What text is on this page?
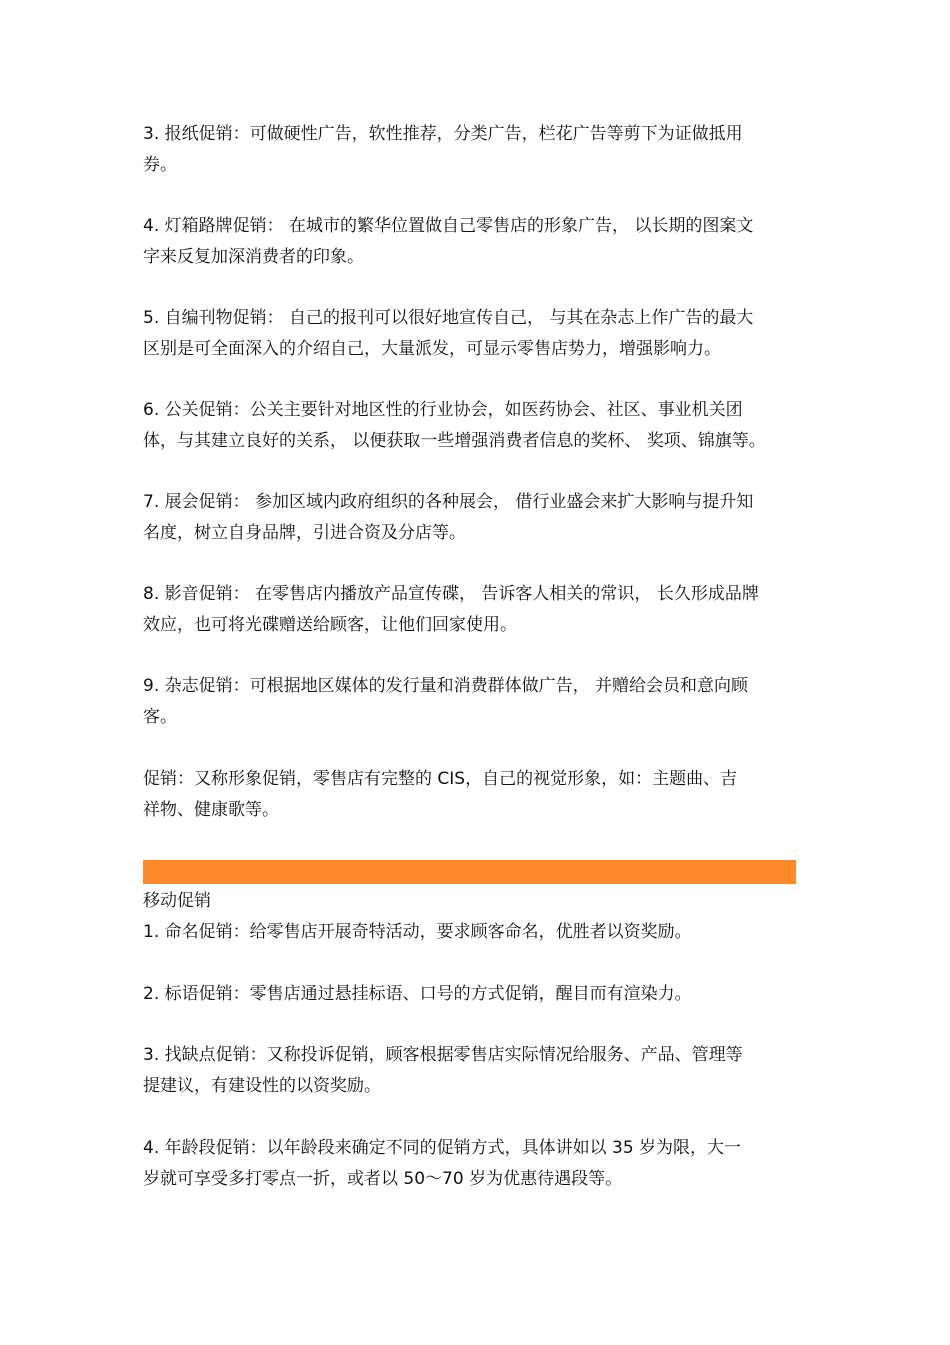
3. 报纸促销：可做硬性广告，软性推荐，分类广告，栏花广告等剪下为证做抵用
券。

4. 灯箱路牌促销： 在城市的繁华位置做自己零售店的形象广告， 以长期的图案文
字来反复加深消费者的印象。

5. 自编刊物促销： 自己的报刊可以很好地宣传自己， 与其在杂志上作广告的最大
区别是可全面深入的介绍自己，大量派发，可显示零售店势力，增强影响力。

6. 公关促销：公关主要针对地区性的行业协会，如医药协会、社区、事业机关团
体，与其建立良好的关系， 以便获取一些增强消费者信息的奖杯、 奖项、锦旗等。

7. 展会促销： 参加区域内政府组织的各种展会， 借行业盛会来扩大影响与提升知
名度，树立自身品牌，引进合资及分店等。

8. 影音促销： 在零售店内播放产品宣传碟， 告诉客人相关的常识， 长久形成品牌
效应，也可将光碟赠送给顾客，让他们回家使用。

9. 杂志促销：可根据地区媒体的发行量和消费群体做广告， 并赠给会员和意向顾
客。

促销：又称形象促销，零售店有完整的 CIS，自己的视觉形象，如：主题曲、吉
祥物、健康歌等。

移动促销

1. 命名促销：给零售店开展奇特活动，要求顾客命名，优胜者以资奖励。

2. 标语促销：零售店通过悬挂标语、口号的方式促销，醒目而有渲染力。

3. 找缺点促销：又称投诉促销，顾客根据零售店实际情况给服务、产品、管理等
提建议，有建设性的以资奖励。

4. 年龄段促销：以年龄段来确定不同的促销方式，具体讲如以 35 岁为限，大一
岁就可享受多打零点一折，或者以 50～70 岁为优惠待遇段等。
